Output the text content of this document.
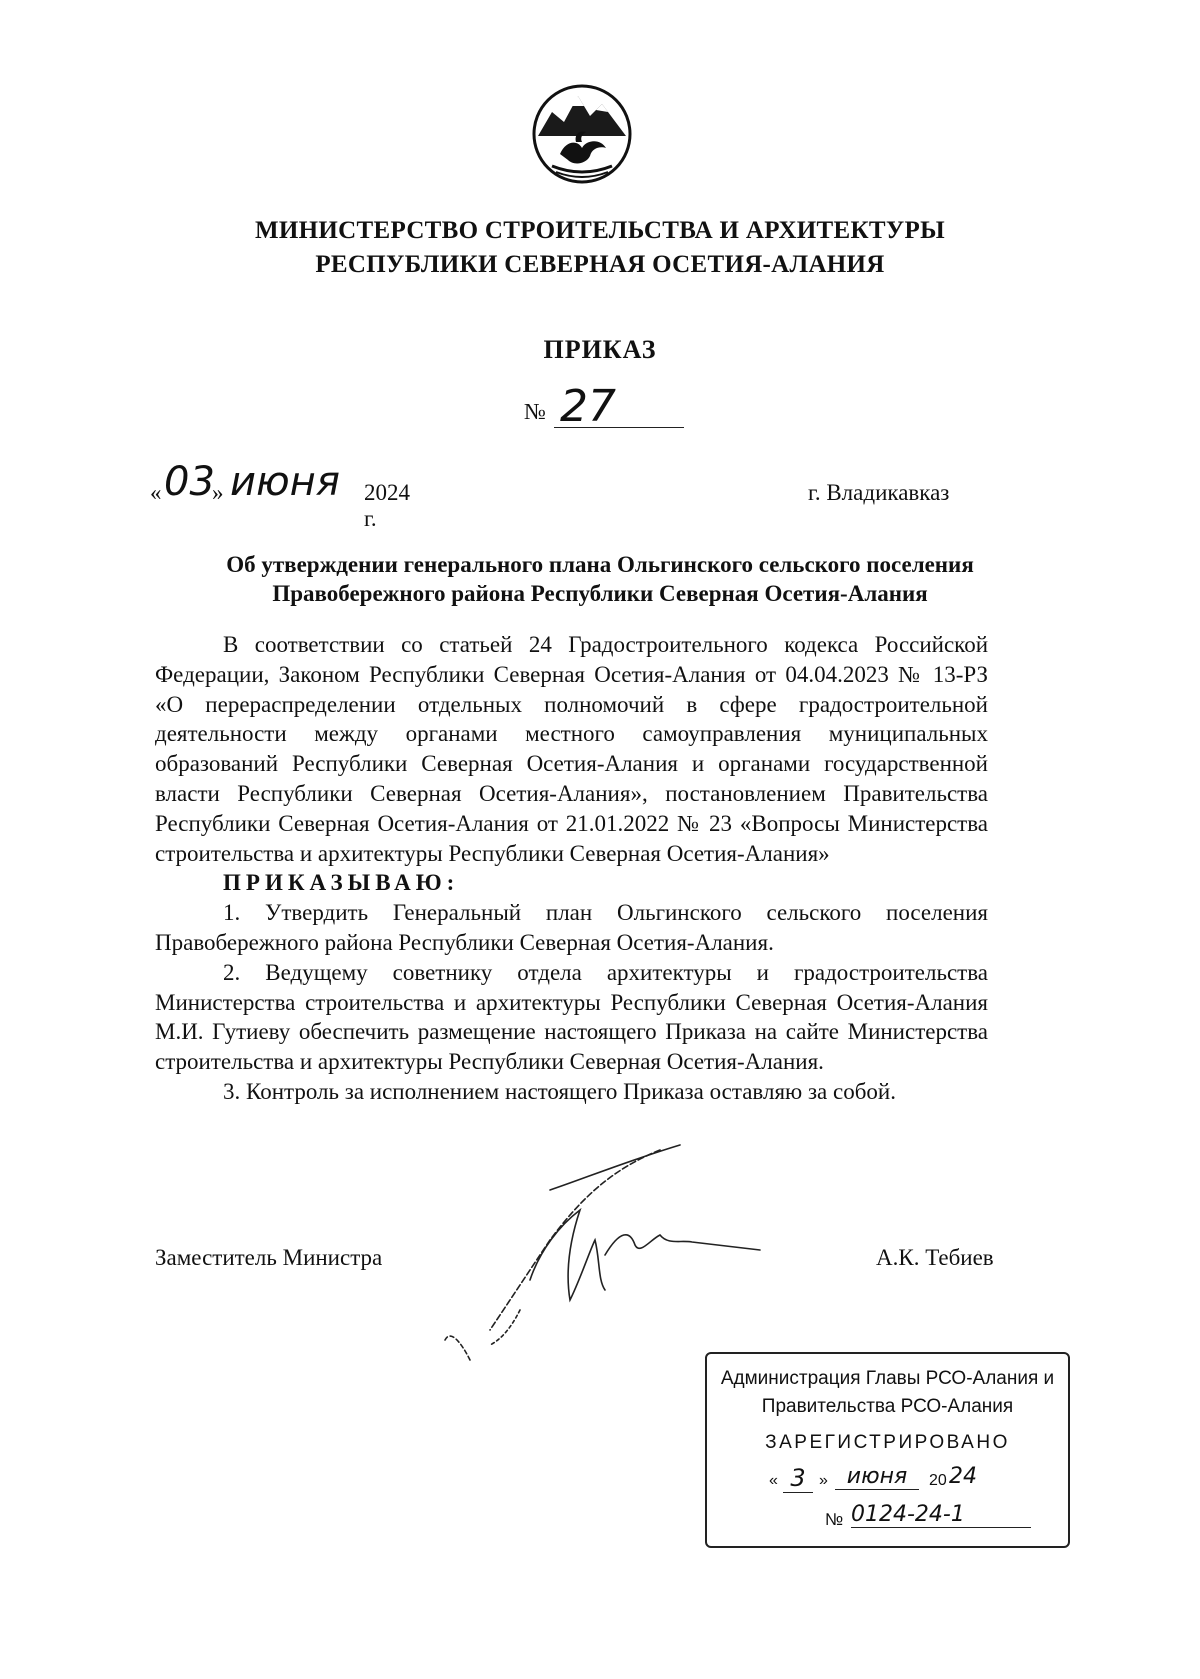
МИНИСТЕРСТВО СТРОИТЕЛЬСТВА И АРХИТЕКТУРЫ
РЕСПУБЛИКИ СЕВЕРНАЯ ОСЕТИЯ-АЛАНИЯ
ПРИКАЗ
№ 27
« 03
» июня 2024 г.
г. Владикавказ
Об утверждении генерального плана Ольгинского сельского поселения
Правобережного района Республики Северная Осетия-Алания

В соответствии со статьей 24 Градостроительного кодекса Российской Федерации, Законом Республики Северная Осетия-Алания от 04.04.2023 № 13-РЗ «О перераспределении отдельных полномочий в сфере градостроительной деятельности между органами местного самоуправления муниципальных образований Республики Северная Осетия-Алания и органами государственной власти Республики Северная Осетия-Алания», постановлением Правительства Республики Северная Осетия-Алания от 21.01.2022 № 23 «Вопросы Министерства строительства и архитектуры Республики Северная Осетия-Алания»

ПРИКАЗЫВАЮ:

1. Утвердить Генеральный план Ольгинского сельского поселения Правобережного района Республики Северная Осетия-Алания.

2. Ведущему советнику отдела архитектуры и градостроительства Министерства строительства и архитектуры Республики Северная Осетия-Алания М.И. Гутиеву обеспечить размещение настоящего Приказа на сайте Министерства строительства и архитектуры Республики Северная Осетия-Алания.

3. Контроль за исполнением настоящего Приказа оставляю за собой.

Заместитель Министра	А.К. Тебиев
Администрация Главы РСО-Алания и
Правительства РСО-Алания
ЗАРЕГИСТРИРОВАНО
« 3 » июня	20 24
№ 0124-24-1
